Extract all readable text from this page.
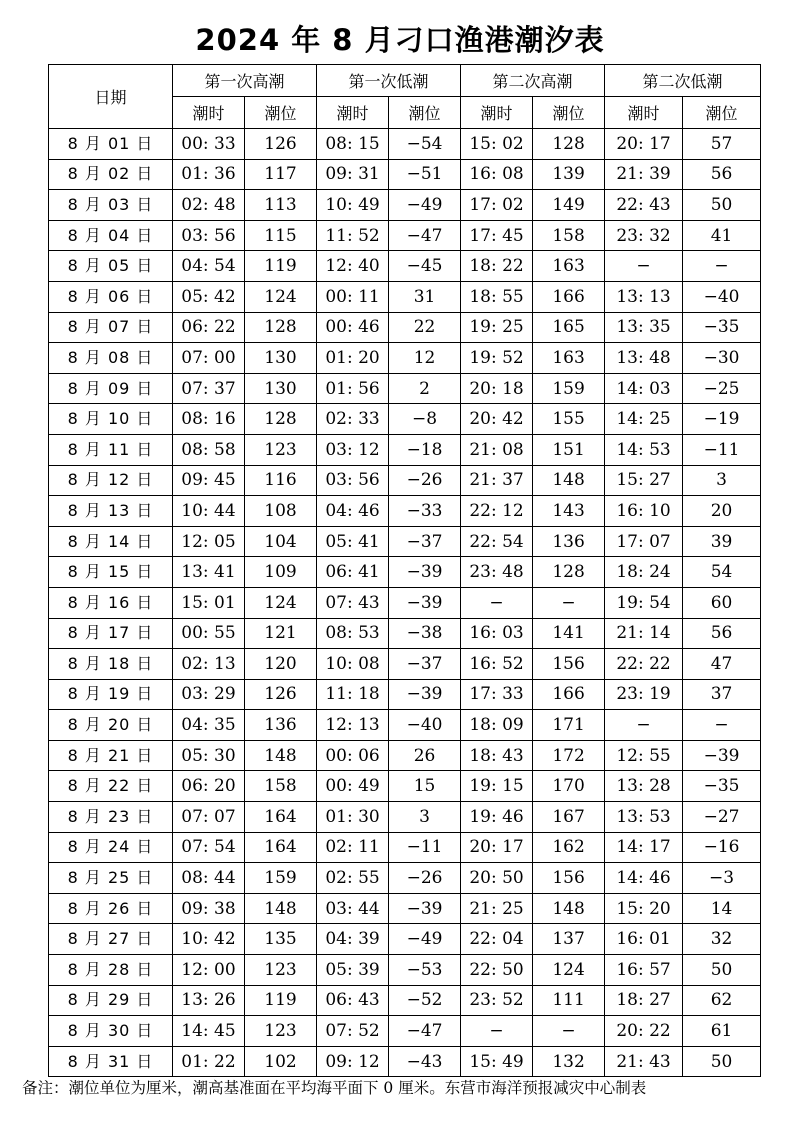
2024 年 8 月刁口渔港潮汐表
日期	第一次高潮		第一次低潮		第二次高潮		第二次低潮	
	潮时	潮位	潮时	潮位	潮时	潮位	潮时	潮位
8 月 01 日	00: 33	126	08: 15	−54	15: 02	128	20: 17	57
8 月 02 日	01: 36	117	09: 31	−51	16: 08	139	21: 39	56
8 月 03 日	02: 48	113	10: 49	−49	17: 02	149	22: 43	50
8 月 04 日	03: 56	115	11: 52	−47	17: 45	158	23: 32	41
8 月 05 日	04: 54	119	12: 40	−45	18: 22	163	−	−
8 月 06 日	05: 42	124	00: 11	31	18: 55	166	13: 13	−40
8 月 07 日	06: 22	128	00: 46	22	19: 25	165	13: 35	−35
8 月 08 日	07: 00	130	01: 20	12	19: 52	163	13: 48	−30
8 月 09 日	07: 37	130	01: 56	2	20: 18	159	14: 03	−25
8 月 10 日	08: 16	128	02: 33	−8	20: 42	155	14: 25	−19
8 月 11 日	08: 58	123	03: 12	−18	21: 08	151	14: 53	−11
8 月 12 日	09: 45	116	03: 56	−26	21: 37	148	15: 27	3
8 月 13 日	10: 44	108	04: 46	−33	22: 12	143	16: 10	20
8 月 14 日	12: 05	104	05: 41	−37	22: 54	136	17: 07	39
8 月 15 日	13: 41	109	06: 41	−39	23: 48	128	18: 24	54
8 月 16 日	15: 01	124	07: 43	−39	−	−	19: 54	60
8 月 17 日	00: 55	121	08: 53	−38	16: 03	141	21: 14	56
8 月 18 日	02: 13	120	10: 08	−37	16: 52	156	22: 22	47
8 月 19 日	03: 29	126	11: 18	−39	17: 33	166	23: 19	37
8 月 20 日	04: 35	136	12: 13	−40	18: 09	171	−	−
8 月 21 日	05: 30	148	00: 06	26	18: 43	172	12: 55	−39
8 月 22 日	06: 20	158	00: 49	15	19: 15	170	13: 28	−35
8 月 23 日	07: 07	164	01: 30	3	19: 46	167	13: 53	−27
8 月 24 日	07: 54	164	02: 11	−11	20: 17	162	14: 17	−16
8 月 25 日	08: 44	159	02: 55	−26	20: 50	156	14: 46	−3
8 月 26 日	09: 38	148	03: 44	−39	21: 25	148	15: 20	14
8 月 27 日	10: 42	135	04: 39	−49	22: 04	137	16: 01	32
8 月 28 日	12: 00	123	05: 39	−53	22: 50	124	16: 57	50
8 月 29 日	13: 26	119	06: 43	−52	23: 52	111	18: 27	62
8 月 30 日	14: 45	123	07: 52	−47	−	−	20: 22	61
8 月 31 日	01: 22	102	09: 12	−43	15: 49	132	21: 43	50
备注：潮位单位为厘米，潮高基准面在平均海平面下 0 厘米。东营市海洋预报减灾中心制表
